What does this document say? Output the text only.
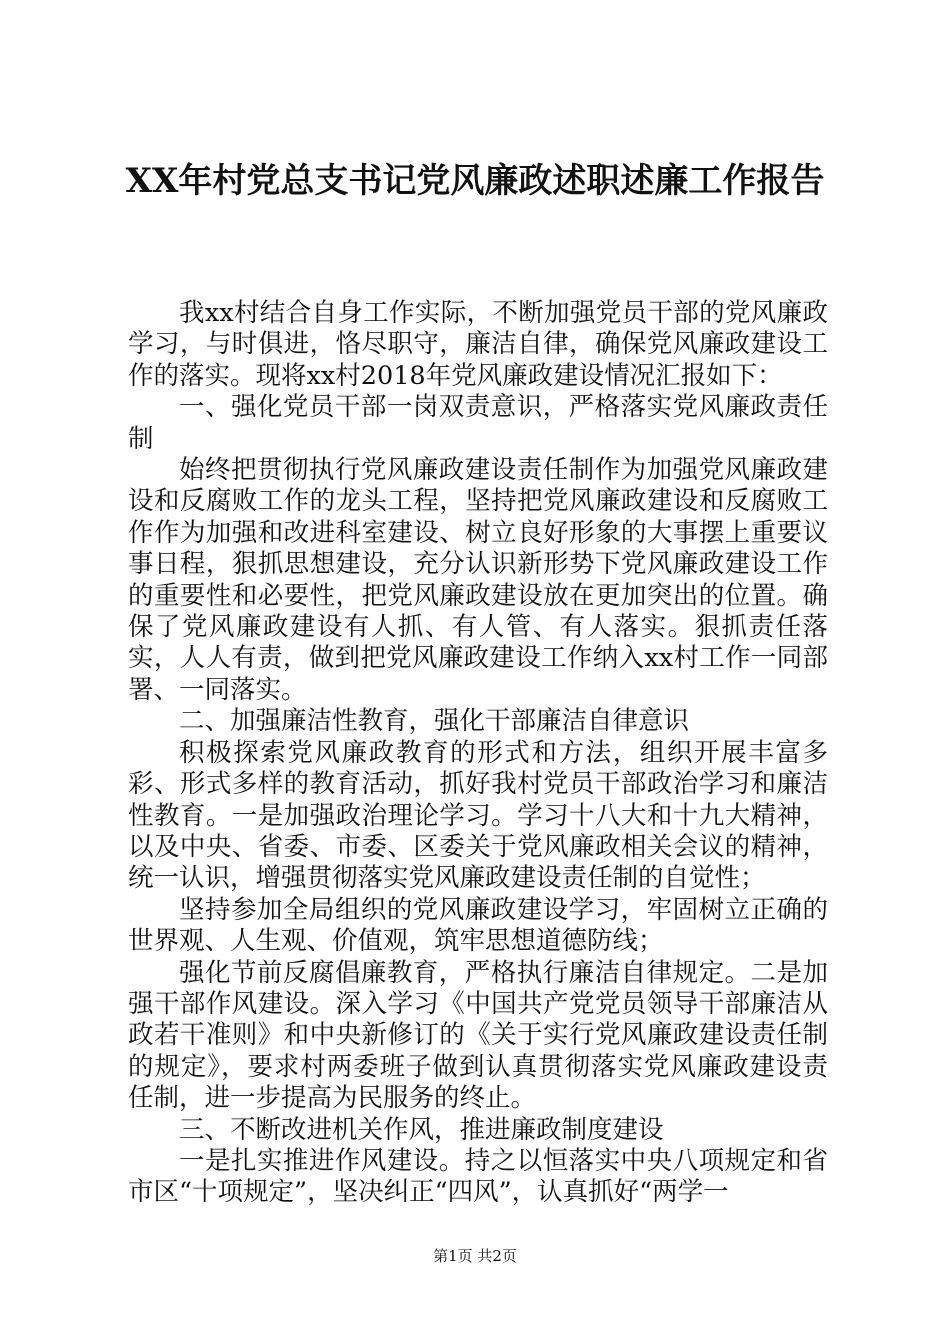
XX年村党总支书记党风廉政述职述廉工作报告

我xx村结合自身工作实际，不断加强党员干部的党风廉政学习，与时俱进，恪尽职守，廉洁自律，确保党风廉政建设工作的落实。现将xx村2018年党风廉政建设情况汇报如下：

一、强化党员干部一岗双责意识，严格落实党风廉政责任制

始终把贯彻执行党风廉政建设责任制作为加强党风廉政建设和反腐败工作的龙头工程，坚持把党风廉政建设和反腐败工作作为加强和改进科室建设、树立良好形象的大事摆上重要议事日程，狠抓思想建设，充分认识新形势下党风廉政建设工作的重要性和必要性，把党风廉政建设放在更加突出的位置。确保了党风廉政建设有人抓、有人管、有人落实。狠抓责任落实，人人有责，做到把党风廉政建设工作纳入xx村工作一同部署、一同落实。

二、加强廉洁性教育，强化干部廉洁自律意识

积极探索党风廉政教育的形式和方法，组织开展丰富多彩、形式多样的教育活动，抓好我村党员干部政治学习和廉洁性教育。一是加强政治理论学习。学习十八大和十九大精神，以及中央、省委、市委、区委关于党风廉政相关会议的精神，统一认识，增强贯彻落实党风廉政建设责任制的自觉性；

坚持参加全局组织的党风廉政建设学习，牢固树立正确的世界观、人生观、价值观，筑牢思想道德防线；

强化节前反腐倡廉教育，严格执行廉洁自律规定。二是加强干部作风建设。深入学习《中国共产党党员领导干部廉洁从政若干准则》和中央新修订的《关于实行党风廉政建设责任制的规定》，要求村两委班子做到认真贯彻落实党风廉政建设责任制，进一步提高为民服务的终止。

三、不断改进机关作风，推进廉政制度建设

一是扎实推进作风建设。持之以恒落实中央八项规定和省市区“十项规定”，坚决纠正“四风”，认真抓好“两学一

第1页 共2页
